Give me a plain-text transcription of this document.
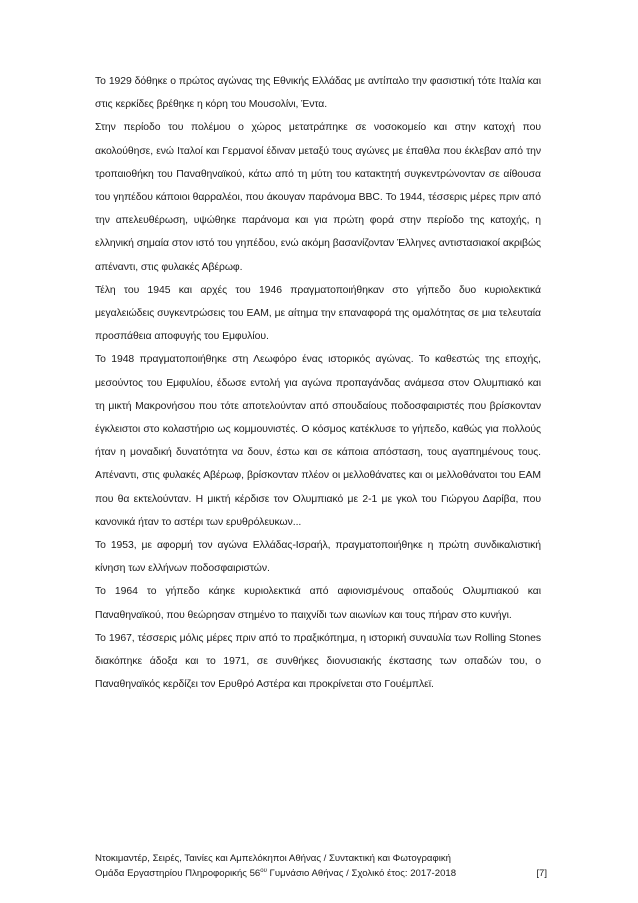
Το 1929 δόθηκε ο πρώτος αγώνας της Εθνικής Ελλάδας με αντίπαλο την φασιστική τότε Ιταλία και στις κερκίδες βρέθηκε η κόρη του Μουσολίνι, Έντα.

Στην περίοδο του πολέμου ο χώρος μετατράπηκε σε νοσοκομείο και στην κατοχή που ακολούθησε, ενώ Ιταλοί και Γερμανοί έδιναν μεταξύ τους αγώνες με έπαθλα που έκλεβαν από την τροπαιοθήκη του Παναθηναϊκού, κάτω από τη μύτη του κατακτητή συγκεντρώνονταν σε αίθουσα του γηπέδου κάποιοι θαρραλέοι, που άκουγαν παράνομα BBC. Το 1944, τέσσερις μέρες πριν από την απελευθέρωση, υψώθηκε παράνομα και για πρώτη φορά στην περίοδο της κατοχής, η ελληνική σημαία στον ιστό του γηπέδου, ενώ ακόμη βασανίζονταν Έλληνες αντιστασιακοί ακριβώς απέναντι, στις φυλακές Αβέρωφ.

Τέλη του 1945 και αρχές του 1946 πραγματοποιήθηκαν στο γήπεδο δυο κυριολεκτικά μεγαλειώδεις συγκεντρώσεις του ΕΑΜ, με αίτημα την επαναφορά της ομαλότητας σε μια τελευταία προσπάθεια αποφυγής του Εμφυλίου.

Το 1948 πραγματοποιήθηκε στη Λεωφόρο ένας ιστορικός αγώνας. Το καθεστώς της εποχής, μεσούντος του Εμφυλίου, έδωσε εντολή για αγώνα προπαγάνδας ανάμεσα στον Ολυμπιακό και τη μικτή Μακρονήσου που τότε αποτελούνταν από σπουδαίους ποδοσφαιριστές που βρίσκονταν έγκλειστοι στο κολαστήριο ως κομμουνιστές. Ο κόσμος κατέκλυσε το γήπεδο, καθώς για πολλούς ήταν η μοναδική δυνατότητα να δουν, έστω και σε κάποια απόσταση, τους αγαπημένους τους. Απέναντι, στις φυλακές Αβέρωφ, βρίσκονταν πλέον οι μελλοθάνατες και οι μελλοθάνατοι του ΕΑΜ που θα εκτελούνταν. Η μικτή κέρδισε τον Ολυμπιακό με 2-1 με γκολ του Γιώργου Δαρίβα, που κανονικά ήταν το αστέρι των ερυθρόλευκων...

Το 1953, με αφορμή τον αγώνα Ελλάδας-Ισραήλ, πραγματοποιήθηκε η πρώτη συνδικαλιστική κίνηση των ελλήνων ποδοσφαιριστών.

Το 1964 το γήπεδο κάηκε κυριολεκτικά από αφιονισμένους οπαδούς Ολυμπιακού και Παναθηναϊκού, που θεώρησαν στημένο το παιχνίδι των αιωνίων και τους πήραν στο κυνήγι.

Το 1967, τέσσερις μόλις μέρες πριν από το πραξικόπημα, η ιστορική συναυλία των Rolling Stones διακόπηκε άδοξα και το 1971, σε συνθήκες διονυσιακής έκστασης των οπαδών του, ο Παναθηναϊκός κερδίζει τον Ερυθρό Αστέρα και προκρίνεται στο Γουέμπλεϊ.

Ντοκιμαντέρ, Σειρές, Ταινίες και Αμπελόκηποι Αθήνας / Συντακτική και Φωτογραφική
Ομάδα Εργαστηρίου Πληροφορικής $56^{o\upsilon}$ Γυμνάσιο Αθήνας / Σχολικό έτος: 2017-2018	[7]
